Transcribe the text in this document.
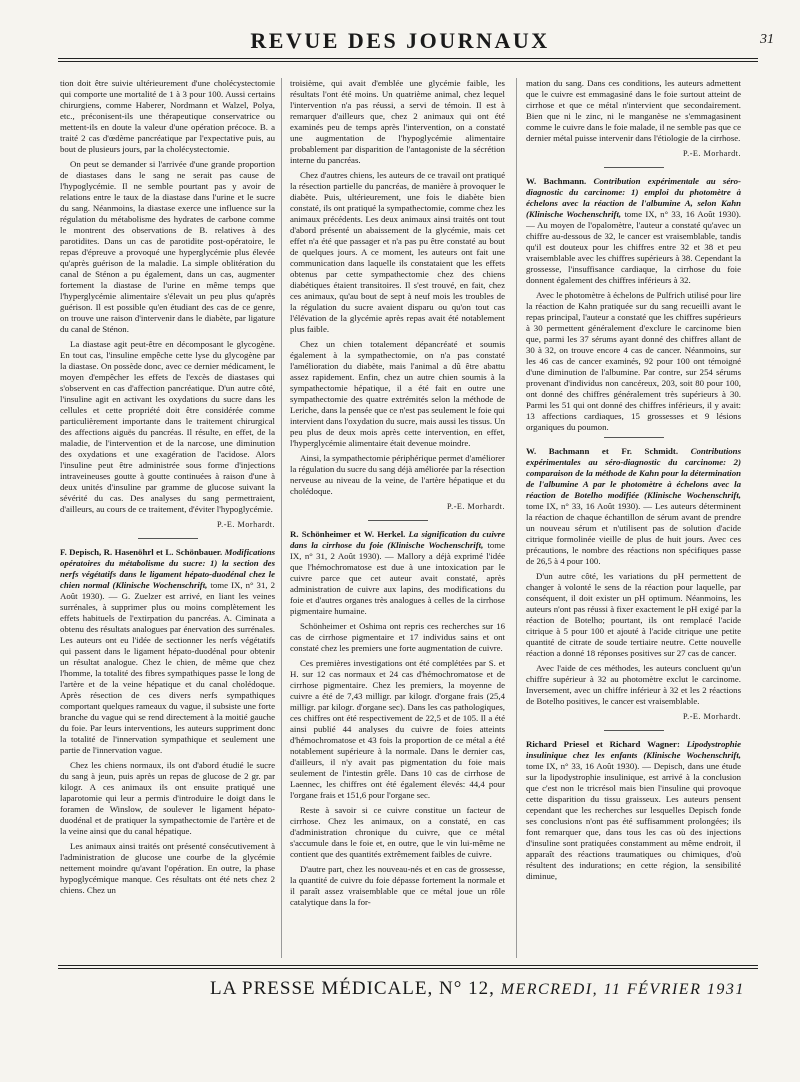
REVUE DES JOURNAUX	31

tion doit être suivie ultérieurement d'une cholécystectomie qui comporte une mortalité de 1 à 3 pour 100. Aussi certains chirurgiens, comme Haberer, Nordmann et Walzel, Polya, etc., préconisent-ils une thérapeutique conservatrice ou mettent-ils en doute la valeur d'une opération précoce. B. a traité 2 cas d'œdème pancréatique par l'expectative puis, au bout de plusieurs jours, par la cholécystectomie.

On peut se demander si l'arrivée d'une grande proportion de diastases dans le sang ne serait pas cause de l'hypoglycémie. Il ne semble pourtant pas y avoir de relations entre le taux de la diastase dans l'urine et le sucre du sang. Néanmoins, la diastase exerce une influence sur la régulation du métabolisme des hydrates de carbone comme le montrent des observations de B. relatives à des parotidites. Dans un cas de parotidite post-opératoire, le repas d'épreuve a provoqué une hyperglycémie plus élevée qu'après guérison de la maladie. La simple oblitération du canal de Sténon a pu également, dans un cas, augmenter fortement la diastase de l'urine en même temps que l'hyperglycémie alimentaire s'élevait un peu plus qu'après guérison. Il est possible qu'en étudiant des cas de ce genre, on trouve une raison d'intervenir dans le diabète, par ligature du canal de Sténon.

La diastase agit peut-être en décomposant le glycogène. En tout cas, l'insuline empêche cette lyse du glycogène par la diastase. On possède donc, avec ce dernier médicament, le moyen d'empêcher les effets de l'excès de diastases qui s'observent en cas d'affection pancréatique. D'un autre côté, l'insuline agit en activant les oxydations du sucre dans les cellules et cette propriété doit être considérée comme particulièrement importante dans le traitement chirurgical des affections aiguës du pancréas. Il résulte, en effet, de la maladie, de l'intervention et de la narcose, une diminution des oxydations et une exagération de l'acidose. Alors l'insuline peut être administrée sous forme d'injections intraveineuses goutte à goutte continuées à raison d'une à deux unités d'insuline par gramme de glucose suivant la sévérité du cas. Des analyses du sang permettraient, d'ailleurs, au cours de ce traitement, d'éviter l'hypoglycémie.

P.-E. Morhardt.

F. Depisch, R. Hasenöhrl et L. Schönbauer. Modifications opératoires du métabolisme du sucre: 1) la section des nerfs végétatifs dans le ligament hépato-duodénal chez le chien normal (Klinische Wochenschrift, tome IX, n° 31, 2 Août 1930). — G. Zuelzer est arrivé, en liant les veines surrénales, à supprimer plus ou moins complètement les effets habituels de l'extirpation du pancréas. A. Ciminata a obtenu des résultats analogues par énervation des surrénales. Les auteurs ont eu l'idée de sectionner les nerfs végétatifs qui passent dans le ligament hépato-duodénal pour obtenir un résultat analogue. Chez le chien, de même que chez l'homme, la totalité des fibres sympathiques passe le long de l'artère et de la veine hépatique et du canal cholédoque. Après résection de ces divers nerfs sympathiques comportant quelques rameaux du vague, il subsiste une forte branche du vague qui se rend directement à la moitié gauche du foie. Par leurs interventions, les auteurs suppriment donc la totalité de l'innervation sympathique et seulement une partie de l'innervation vague.

Chez les chiens normaux, ils ont d'abord étudié le sucre du sang à jeun, puis après un repas de glucose de 2 gr. par kilogr. A ces animaux ils ont ensuite pratiqué une laparotomie qui leur a permis d'introduire le doigt dans le foramen de Winslow, de soulever le ligament hépato-duodénal et de pratiquer la sympathectomie de l'artère et de la veine ainsi que du canal hépatique.

Les animaux ainsi traités ont présenté consécutivement à l'administration de glucose une courbe de la glycémie nettement moindre qu'avant l'opération. En outre, la phase hypoglycémique manque. Ces résultats ont été nets chez 2 chiens. Chez un

troisième, qui avait d'emblée une glycémie faible, les résultats l'ont été moins. Un quatrième animal, chez lequel l'intervention n'a pas réussi, a servi de témoin. Il est à remarquer d'ailleurs que, chez 2 animaux qui ont été examinés peu de temps après l'intervention, on a constaté une augmentation de l'hypoglycémie alimentaire probablement par disparition de l'antagoniste de la sécrétion interne du pancréas.

Chez d'autres chiens, les auteurs de ce travail ont pratiqué la résection partielle du pancréas, de manière à provoquer le diabète. Puis, ultérieurement, une fois le diabète bien constaté, ils ont pratiqué la sympathectomie, comme chez les animaux précédents. Les deux animaux ainsi traités ont tout d'abord présenté un abaissement de la glycémie, mais cet effet n'a été que passager et n'a pas pu être constaté au bout de quelques jours. A ce moment, les auteurs ont fait une communication dans laquelle ils constataient que les effets obtenus par cette sympathectomie chez des chiens diabétiques étaient transitoires. Il s'est trouvé, en fait, chez ces animaux, qu'au bout de sept à neuf mois les troubles de la régulation du sucre avaient disparu ou qu'on tout cas l'élévation de la glycémie après repas avait été notablement plus faible.

Chez un chien totalement dépancréaté et soumis également à la sympathectomie, on n'a pas constaté l'amélioration du diabète, mais l'animal a dû être abattu assez rapidement. Enfin, chez un autre chien soumis à la sympathectomie hépatique, il a été fait en outre une sympathectomie des quatre extrémités selon la méthode de Leriche, dans la pensée que ce n'est pas seulement le foie qui intervient dans l'oxydation du sucre, mais aussi les tissus. Un peu plus de deux mois après cette intervention, en effet, l'hyperglycémie alimentaire était devenue moindre.

Ainsi, la sympathectomie périphérique permet d'améliorer la régulation du sucre du sang déjà améliorée par la résection nerveuse au niveau de la veine, de l'artère hépatique et du cholédoque.

P.-E. Morhardt.

R. Schönheimer et W. Herkel. La signification du cuivre dans la cirrhose du foie (Klinische Wochenschrift, tome IX, n° 31, 2 Août 1930). — Mallory a déjà exprimé l'idée que l'hémochromatose est due à une intoxication par le cuivre parce que cet auteur avait constaté, après administration de cuivre aux lapins, des modifications du foie et d'autres organes très analogues à celles de la cirrhose pigmentaire humaine.

Schönheimer et Oshima ont repris ces recherches sur 16 cas de cirrhose pigmentaire et 17 individus sains et ont constaté chez les premiers une forte augmentation de cuivre.

Ces premières investigations ont été complétées par S. et H. sur 12 cas normaux et 24 cas d'hémochromatose et de cirrhose pigmentaire. Chez les premiers, la moyenne de cuivre a été de 7,43 milligr. par kilogr. d'organe frais (25,4 milligr. par kilogr. d'organe sec). Dans les cas pathologiques, ces chiffres ont été respectivement de 22,5 et de 105. Il a été ainsi publié 44 analyses du cuivre de foies atteints d'hémochromatose et 43 fois la proportion de ce métal a été notablement supérieure à la normale. Dans le dernier cas, d'ailleurs, il n'y avait pas pigmentation du foie mais seulement de l'intestin grêle. Dans 10 cas de cirrhose de Laennec, les chiffres ont été également élevés: 44,4 pour l'organe frais et 151,6 pour l'organe sec.

Reste à savoir si ce cuivre constitue un facteur de cirrhose. Chez les animaux, on a constaté, en cas d'administration chronique du cuivre, que ce métal s'accumule dans le foie et, en outre, que le vin lui-même ne contient que des quantités extrêmement faibles de cuivre.

D'autre part, chez les nouveau-nés et en cas de grossesse, la quantité de cuivre du foie dépasse fortement la normale et il paraît assez vraisemblable que ce métal joue un rôle catalytique dans la for-

mation du sang. Dans ces conditions, les auteurs admettent que le cuivre est emmagasiné dans le foie surtout atteint de cirrhose et que ce métal n'intervient que secondairement. Bien que ni le zinc, ni le manganèse ne s'emmagasinent comme le cuivre dans le foie malade, il ne semble pas que ce dernier métal puisse intervenir dans l'étiologie de la cirrhose.

P.-E. Morhardt.

W. Bachmann. Contribution expérimentale au séro-diagnostic du carcinome: 1) emploi du photomètre à échelons avec la réaction de l'albumine A, selon Kahn (Klinische Wochenschrift, tome IX, n° 33, 16 Août 1930). — Au moyen de l'opalomètre, l'auteur a constaté qu'avec un chiffre au-dessous de 32, le cancer est vraisemblable, tandis qu'il est douteux pour les chiffres entre 32 et 38 et peu vraisemblable avec les chiffres supérieurs à 38. Cependant la grossesse, l'insuffisance cardiaque, la cirrhose du foie donnent également des chiffres inférieurs à 32.

Avec le photomètre à échelons de Pulfrich utilisé pour lire la réaction de Kahn pratiquée sur du sang recueilli avant le repas principal, l'auteur a constaté que les chiffres supérieurs à 30 permettent généralement d'exclure le carcinome bien que, parmi les 37 sérums ayant donné des chiffres allant de 30 à 32, on trouve encore 4 cas de cancer. Néanmoins, sur les 46 cas de cancer examinés, 92 pour 100 ont témoigné d'une diminution de l'albumine. Par contre, sur 254 sérums provenant d'individus non cancéreux, 203, soit 80 pour 100, ont donné des chiffres généralement très supérieurs à 30. Parmi les 51 qui ont donné des chiffres inférieurs, il y avait: 13 affections cardiaques, 15 grossesses et 9 lésions organiques du poumon.

W. Bachmann et Fr. Schmidt. Contributions expérimentales au séro-diagnostic du carcinome: 2) comparaison de la méthode de Kahn pour la détermination de l'albumine A par le photomètre à échelons avec la réaction de Botelho modifiée (Klinische Wochenschrift, tome IX, n° 33, 16 Août 1930). — Les auteurs déterminent la réaction de chaque échantillon de sérum avant de prendre un nouveau sérum et n'utilisent pas de solution d'acide citrique formolinée vieille de plus de huit jours. Avec ces précautions, le nombre des réactions non spécifiques passe de 26,5 à 4 pour 100.

D'un autre côté, les variations du pH permettent de changer à volonté le sens de la réaction pour laquelle, par conséquent, il doit exister un pH optimum. Néanmoins, les auteurs n'ont pas réussi à fixer exactement le pH exigé par la réaction de Botelho; pourtant, ils ont remplacé l'acide citrique à 5 pour 100 et ajouté à l'acide citrique une petite quantité de citrate de soude tertiaire neutre. Cette nouvelle réaction a donné 18 réponses positives sur 27 cas de cancer.

Avec l'aide de ces méthodes, les auteurs concluent qu'un chiffre supérieur à 32 au photomètre exclut le carcinome. Inversement, avec un chiffre inférieur à 32 et les 2 réactions de Botelho positives, le cancer est vraisemblable.

P.-E. Morhardt.

Richard Priesel et Richard Wagner: Lipodystrophie insulinique chez les enfants (Klinische Wochenschrift, tome IX, n° 33, 16 Août 1930). — Depisch, dans une étude sur la lipodystrophie insulinique, est arrivé à la conclusion que c'est non le tricrésol mais bien l'insuline qui provoque cette disparition du tissu graisseux. Les auteurs pensent cependant que les recherches sur lesquelles Depisch fonde ses conclusions n'ont pas été suffisamment prolongées; ils font remarquer que, dans tous les cas où des injections d'insuline sont pratiquées constamment au même endroit, il apparaît des réactions traumatiques ou chimiques, d'où résultent des indurations; en cette région, la sensibilité diminue,

LA PRESSE MÉDICALE, N° 12, MERCREDI, 11 FÉVRIER 1931
